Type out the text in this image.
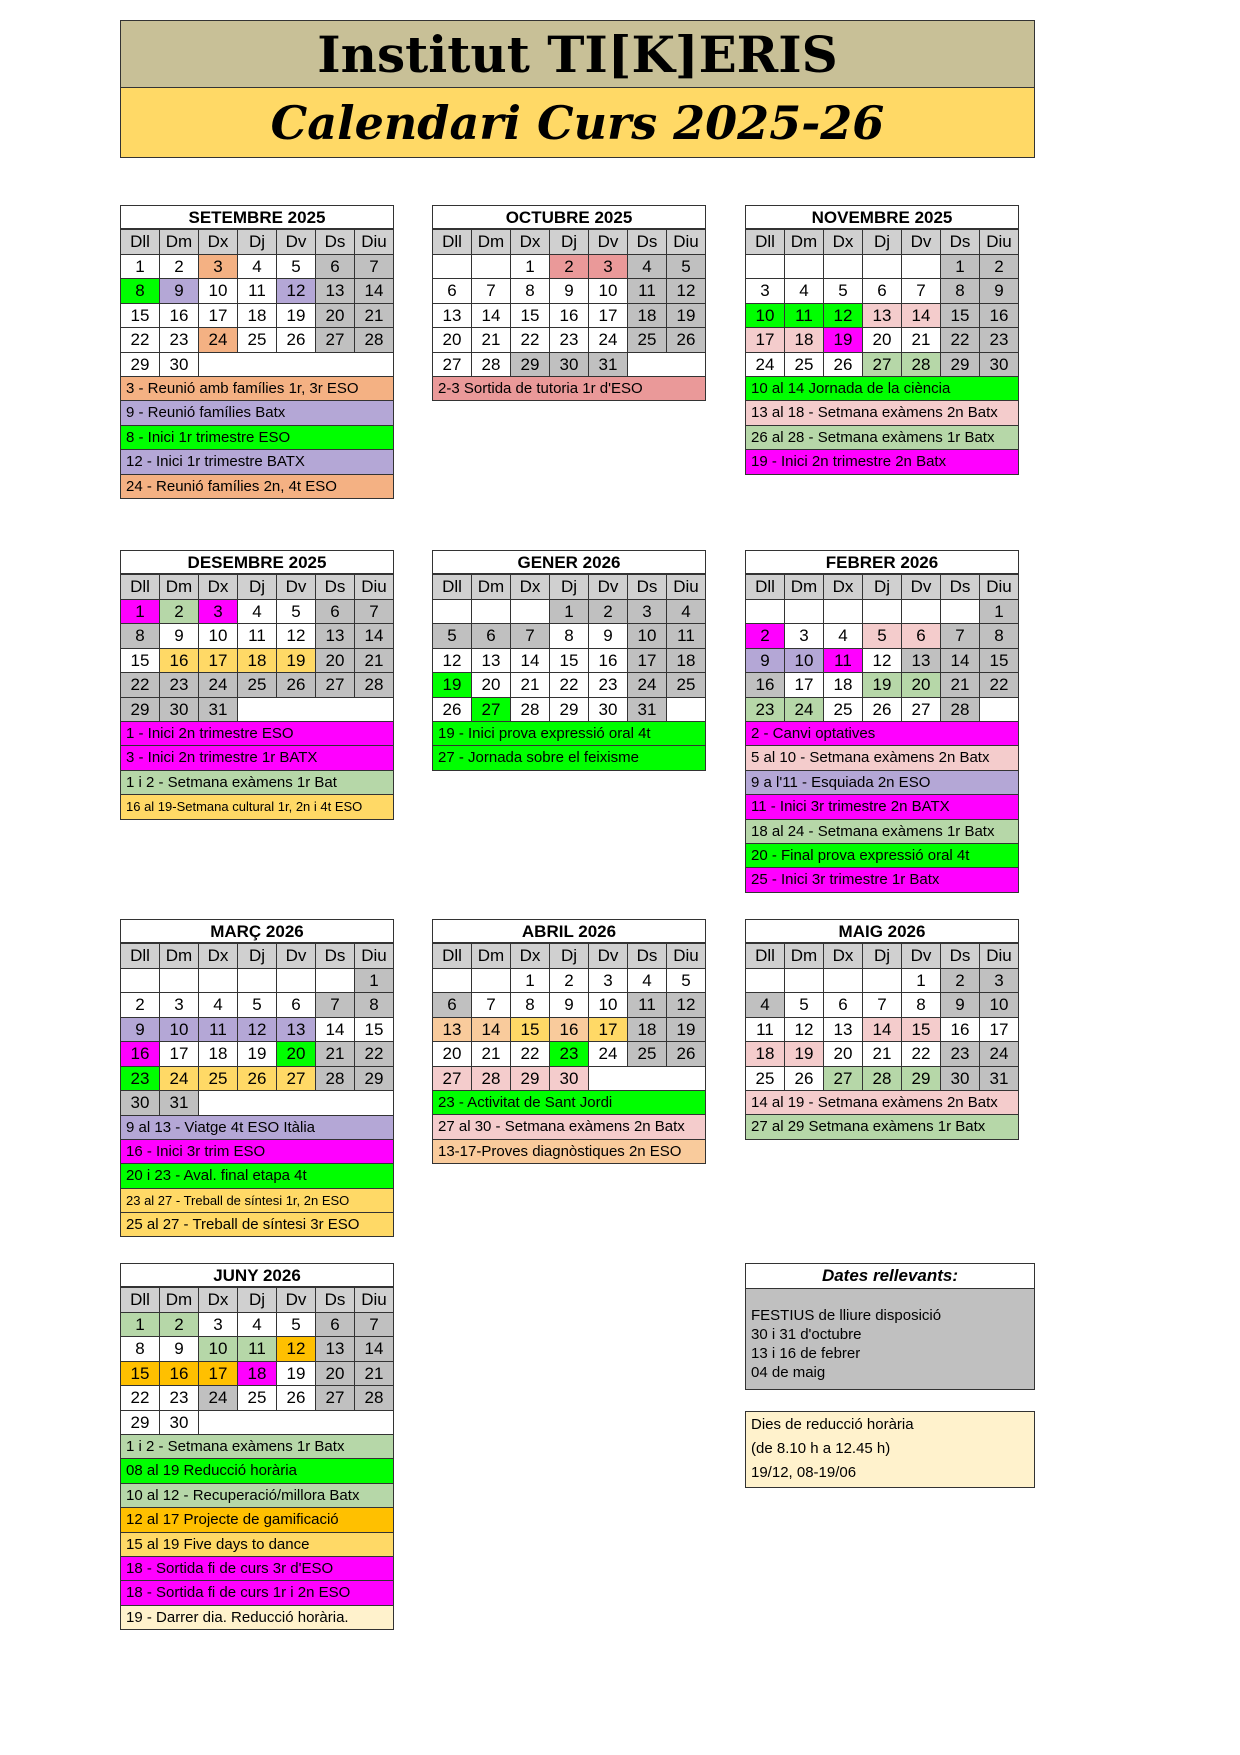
Institut TI[K]ERIS
Calendari Curs 2025-26
SETEMBRE 2025
Dll	Dm	Dx	Dj	Dv	Ds	Diu
1	2	3	4	5	6	7
8	9	10	11	12	13	14
15	16	17	18	19	20	21
22	23	24	25	26	27	28
29	30					
3 - Reunió amb famílies 1r, 3r ESO
9 - Reunió famílies Batx
8 - Inici 1r trimestre ESO
12 - Inici 1r trimestre BATX
24 - Reunió famílies 2n, 4t ESO
OCTUBRE 2025
Dll	Dm	Dx	Dj	Dv	Ds	Diu
		1	2	3	4	5
6	7	8	9	10	11	12
13	14	15	16	17	18	19
20	21	22	23	24	25	26
27	28	29	30	31		
2-3 Sortida de tutoria 1r d'ESO
NOVEMBRE 2025
Dll	Dm	Dx	Dj	Dv	Ds	Diu
					1	2
3	4	5	6	7	8	9
10	11	12	13	14	15	16
17	18	19	20	21	22	23
24	25	26	27	28	29	30
10 al 14 Jornada de la ciència
13 al 18 - Setmana exàmens 2n Batx
26 al 28 - Setmana exàmens 1r Batx
19 - Inici 2n trimestre 2n Batx
DESEMBRE 2025
Dll	Dm	Dx	Dj	Dv	Ds	Diu
1	2	3	4	5	6	7
8	9	10	11	12	13	14
15	16	17	18	19	20	21
22	23	24	25	26	27	28
29	30	31				
1 - Inici 2n trimestre ESO
3 - Inici 2n trimestre 1r BATX
1 i 2 - Setmana exàmens 1r Bat
16 al 19-Setmana cultural 1r, 2n i 4t ESO
GENER 2026
Dll	Dm	Dx	Dj	Dv	Ds	Diu
			1	2	3	4
5	6	7	8	9	10	11
12	13	14	15	16	17	18
19	20	21	22	23	24	25
26	27	28	29	30	31	
19 - Inici prova expressió oral 4t
27 - Jornada sobre el feixisme
FEBRER 2026
Dll	Dm	Dx	Dj	Dv	Ds	Diu
						1
2	3	4	5	6	7	8
9	10	11	12	13	14	15
16	17	18	19	20	21	22
23	24	25	26	27	28	
2 - Canvi optatives
5 al 10 - Setmana exàmens 2n Batx
9 a l'11 - Esquiada 2n ESO
11 - Inici 3r trimestre 2n BATX
18 al 24 - Setmana exàmens 1r Batx
20 - Final prova expressió oral 4t
25 - Inici 3r trimestre 1r Batx
MARÇ 2026
Dll	Dm	Dx	Dj	Dv	Ds	Diu
						1
2	3	4	5	6	7	8
9	10	11	12	13	14	15
16	17	18	19	20	21	22
23	24	25	26	27	28	29
30	31					
9 al 13 - Viatge 4t ESO Itàlia
16 - Inici 3r trim ESO
20 i 23 - Aval. final etapa 4t
23 al 27 - Treball de síntesi 1r, 2n ESO
25 al 27 - Treball de síntesi 3r ESO
ABRIL 2026
Dll	Dm	Dx	Dj	Dv	Ds	Diu
		1	2	3	4	5
6	7	8	9	10	11	12
13	14	15	16	17	18	19
20	21	22	23	24	25	26
27	28	29	30			
23 - Activitat de Sant Jordi
27 al 30 - Setmana exàmens 2n Batx
13-17-Proves diagnòstiques 2n ESO
MAIG 2026
Dll	Dm	Dx	Dj	Dv	Ds	Diu
				1	2	3
4	5	6	7	8	9	10
11	12	13	14	15	16	17
18	19	20	21	22	23	24
25	26	27	28	29	30	31
14 al 19 - Setmana exàmens 2n Batx
27 al 29 Setmana exàmens 1r Batx
JUNY 2026
Dll	Dm	Dx	Dj	Dv	Ds	Diu
1	2	3	4	5	6	7
8	9	10	11	12	13	14
15	16	17	18	19	20	21
22	23	24	25	26	27	28
29	30					
1 i 2 - Setmana exàmens 1r Batx
08 al 19 Reducció horària
10 al 12 - Recuperació/millora Batx
12 al 17 Projecte de gamificació
15 al 19 Five days to dance
18 - Sortida fi de curs 3r d'ESO
18 - Sortida fi de curs 1r i 2n ESO
19 - Darrer dia. Reducció horària.
Dates rellevants:
FESTIUS de lliure disposició
30 i 31 d'octubre
13 i 16 de febrer
04 de maig
Dies de reducció horària
(de 8.10 h a 12.45 h)
19/12, 08-19/06
